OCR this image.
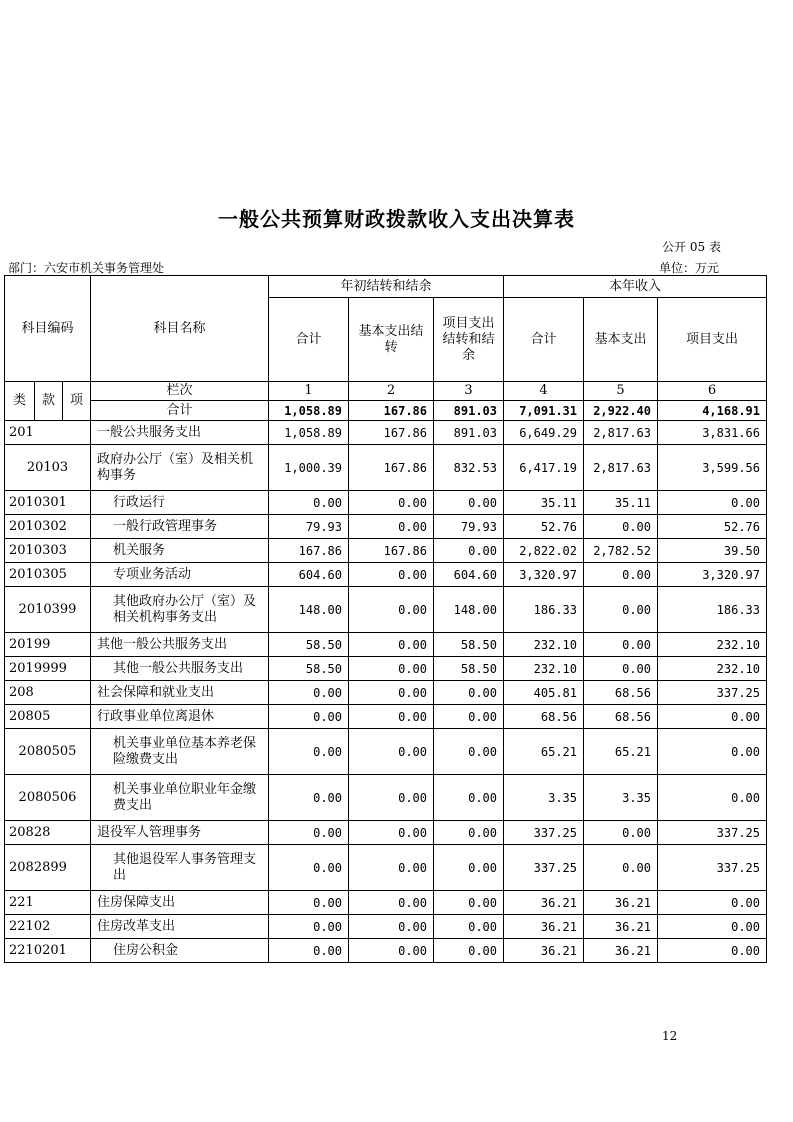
一般公共预算财政拨款收入支出决算表
公开 05 表
部门：六安市机关事务管理处	单位：万元
科目编码			科目名称	年初结转和结余			本年收入		
				合计	基本支出结转	项目支出结转和结余	合计	基本支出	项目支出
类	款	项	栏次	1	2	3	4	5	6
			合计	1,058.89	167.86	891.03	7,091.31	2,922.40	4,168.91
201			一般公共服务支出	1,058.89	167.86	891.03	6,649.29	2,817.63	3,831.66
20103			政府办公厅（室）及相关机构事务	1,000.39	167.86	832.53	6,417.19	2,817.63	3,599.56
2010301			行政运行	0.00	0.00	0.00	35.11	35.11	0.00
2010302			一般行政管理事务	79.93	0.00	79.93	52.76	0.00	52.76
2010303			机关服务	167.86	167.86	0.00	2,822.02	2,782.52	39.50
2010305			专项业务活动	604.60	0.00	604.60	3,320.97	0.00	3,320.97
2010399			其他政府办公厅（室）及相关机构事务支出	148.00	0.00	148.00	186.33	0.00	186.33
20199			其他一般公共服务支出	58.50	0.00	58.50	232.10	0.00	232.10
2019999			其他一般公共服务支出	58.50	0.00	58.50	232.10	0.00	232.10
208			社会保障和就业支出	0.00	0.00	0.00	405.81	68.56	337.25
20805			行政事业单位离退休	0.00	0.00	0.00	68.56	68.56	0.00
2080505			机关事业单位基本养老保险缴费支出	0.00	0.00	0.00	65.21	65.21	0.00
2080506			机关事业单位职业年金缴费支出	0.00	0.00	0.00	3.35	3.35	0.00
20828			退役军人管理事务	0.00	0.00	0.00	337.25	0.00	337.25
2082899			其他退役军人事务管理支出	0.00	0.00	0.00	337.25	0.00	337.25
221			住房保障支出	0.00	0.00	0.00	36.21	36.21	0.00
22102			住房改革支出	0.00	0.00	0.00	36.21	36.21	0.00
2210201			住房公积金	0.00	0.00	0.00	36.21	36.21	0.00
12
